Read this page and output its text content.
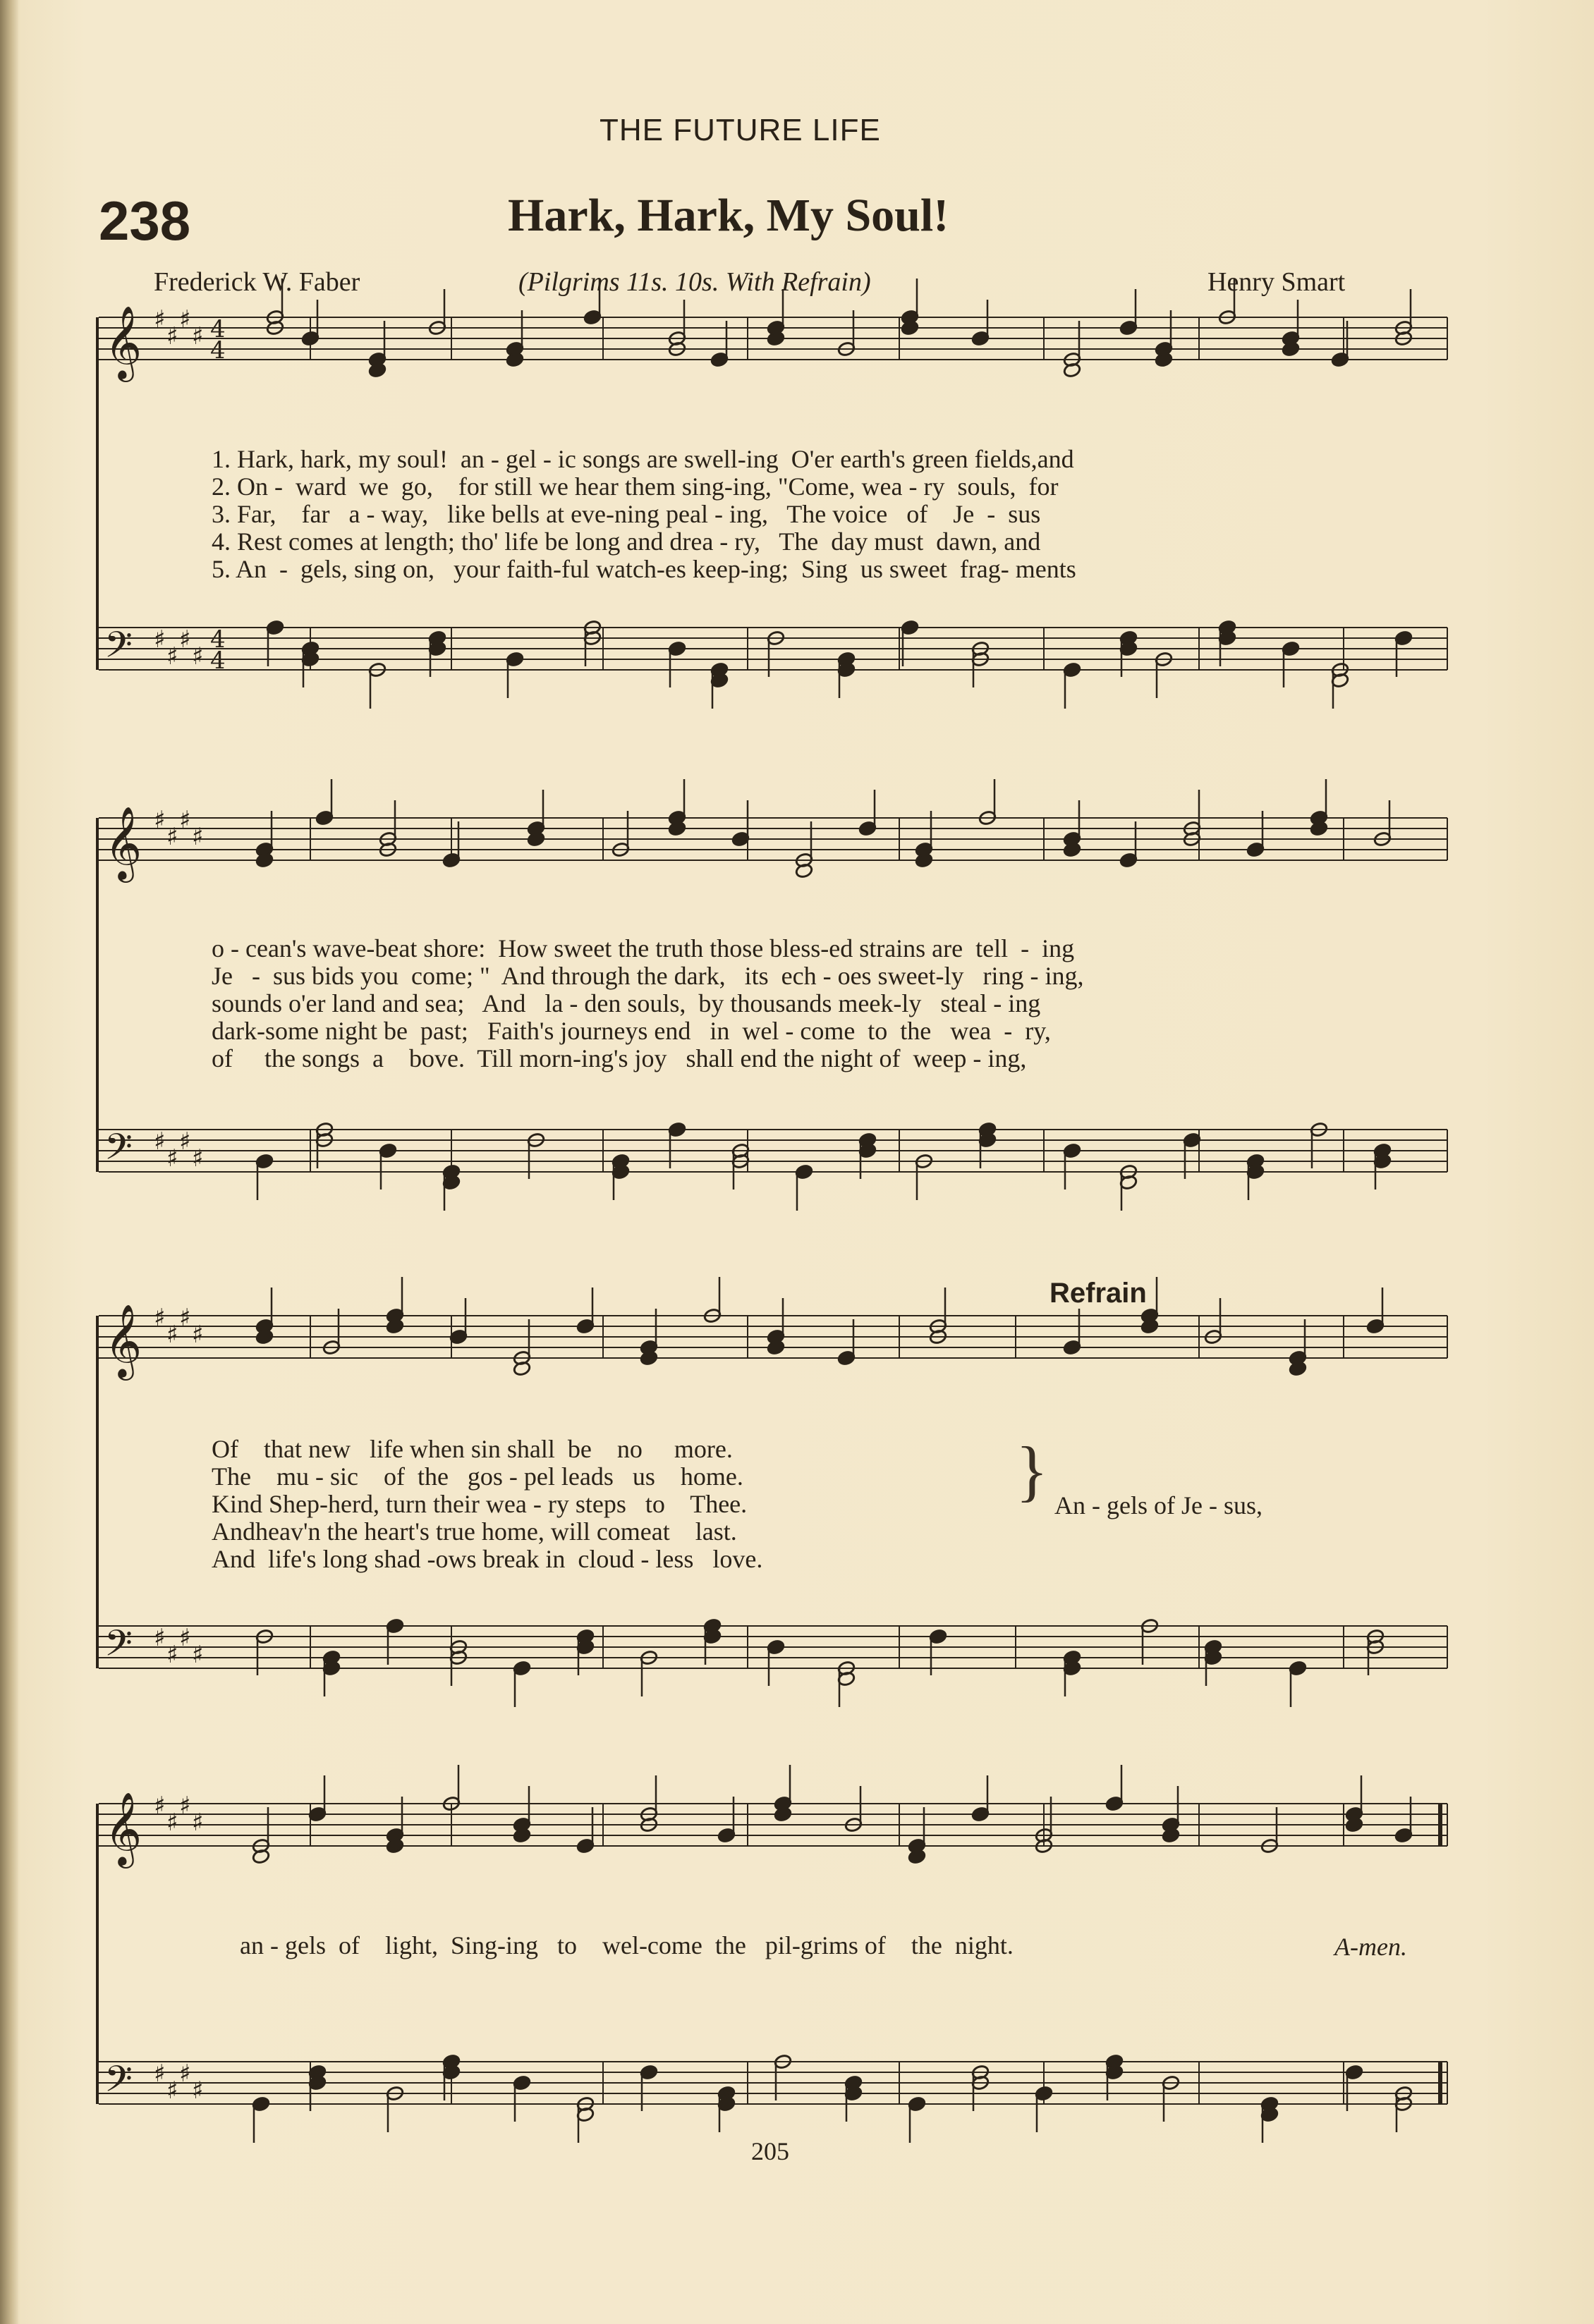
THE FUTURE LIFE
238	Hark, Hark, My Soul!
Frederick W. Faber	(Pilgrims 11s. 10s. With Refrain)	Henry Smart
𝄞 ♯
♯
♯
♯ 4
4
𝄢 ♯
♯
♯
♯
4
4
𝄞 ♯
♯
♯
♯
𝄢 ♯
♯
♯
♯
𝄞 ♯
♯
♯
♯
𝄢 ♯
♯
♯
♯
𝄞 ♯
♯
♯
♯
𝄢 ♯
♯
♯
♯
1. Hark, hark, my soul!  an - gel - ic songs are swell-ing  O'er earth's green fields,and
2. On -  ward  we  go,    for still we hear them sing-ing, "Come, wea - ry  souls,  for
3. Far,    far   a - way,   like bells at eve-ning peal - ing,   The voice   of    Je  -  sus
4. Rest comes at length; tho' life be long and drea - ry,   The  day must  dawn, and
5. An  -  gels, sing on,   your faith-ful watch-es keep-ing;  Sing  us sweet  frag- ments
o - cean's wave-beat shore:  How sweet the truth those bless-ed strains are  tell  -  ing
Je   -  sus bids you  come; "  And through the dark,   its  ech - oes sweet-ly   ring - ing,
sounds o'er land and sea;   And   la - den souls,  by thousands meek-ly   steal - ing
dark-some night be  past;   Faith's journeys end   in  wel - come  to  the   wea  -  ry,
of     the songs  a    bove.  Till morn-ing's joy   shall end the night of  weep - ing,
Refrain
Of    that new   life when sin shall  be    no     more.
The    mu - sic    of  the   gos - pel leads   us    home.
Kind Shep-herd, turn their wea - ry steps   to    Thee.
Andheav'n the heart's true home, will comeat    last.
And  life's long shad -ows break in  cloud - less   love.
} An - gels of Je - sus,
an - gels  of    light,  Sing-ing   to    wel-come  the   pil-grims of    the  night.	A-men.
205
